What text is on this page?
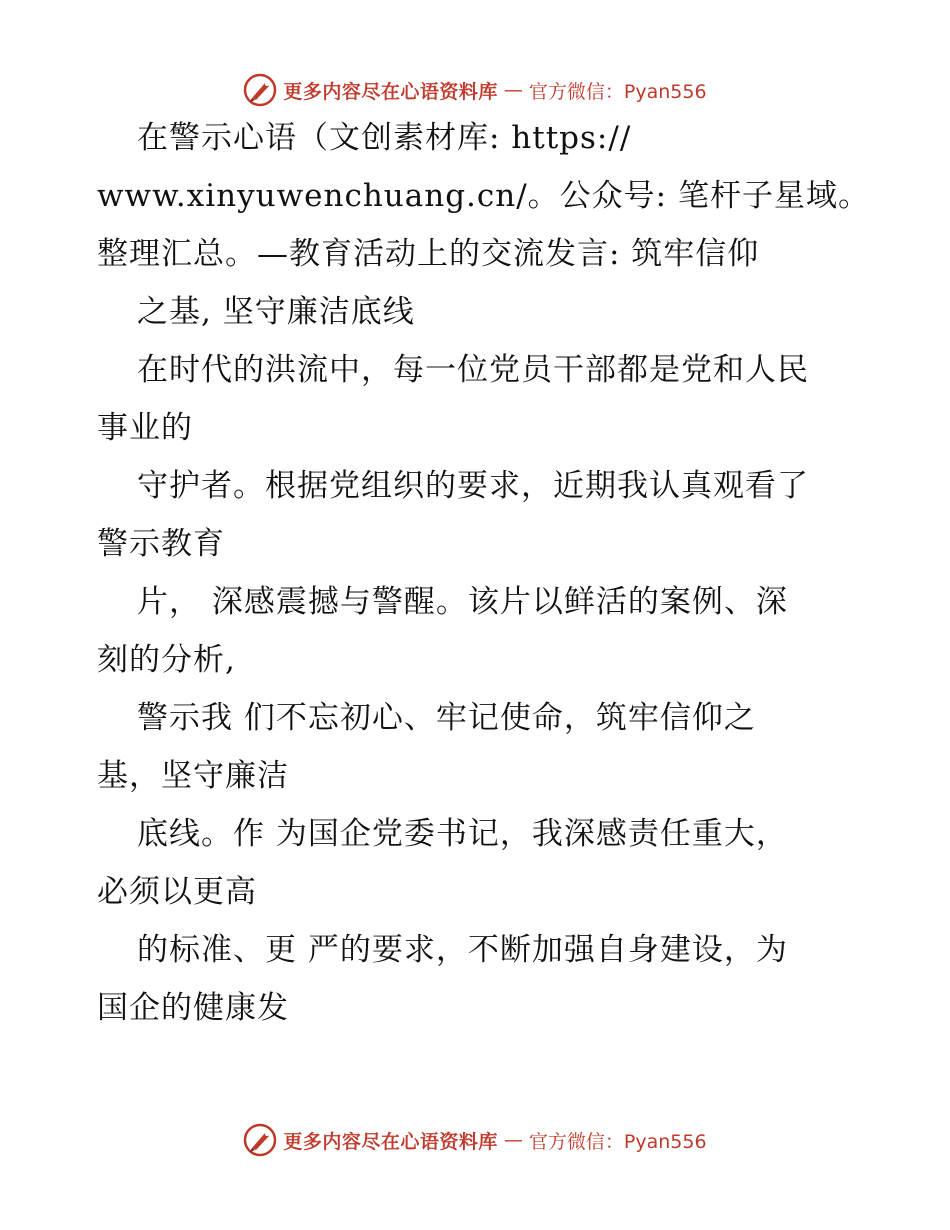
更多内容尽在心语资料库 — 官方微信：Pyan556
在警示心语（文创素材库: https://
www.xinyuwenchuang.cn/。公众号: 笔杆子星域。
整理汇总。—教育活动上的交流发言: 筑牢信仰
之基, 坚守廉洁底线
在时代的洪流中，每一位党员干部都是党和人民
事业的
守护者。根据党组织的要求，近期我认真观看了
警示教育
片， 深感震撼与警醒。该片以鲜活的案例、深
刻的分析,
警示我 们不忘初心、牢记使命，筑牢信仰之
基，坚守廉洁
底线。作 为国企党委书记，我深感责任重大，
必须以更高
的标准、更 严的要求，不断加强自身建设，为
国企的健康发
更多内容尽在心语资料库 — 官方微信：Pyan556
